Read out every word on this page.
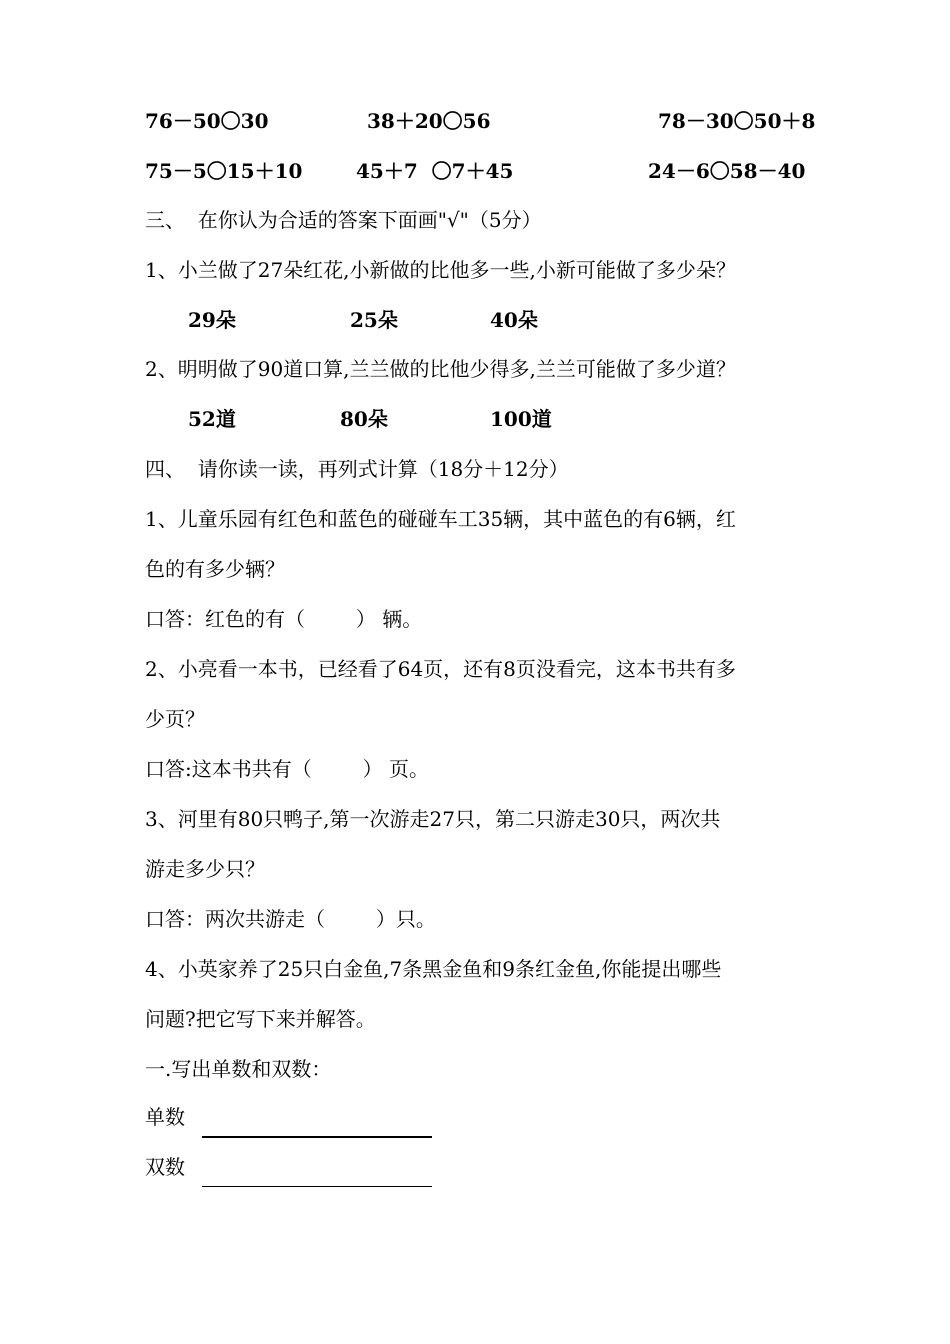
76－50〇30	38＋20〇56	78－30〇50＋8
75－5〇15＋10	45＋7  〇7＋45	24－6〇58－40
三、  在你认为合适的答案下面画"√"（5分）
1、小兰做了27朵红花,小新做的比他多一些,小新可能做了多少朵？
29朵	25朵	40朵
2、明明做了90道口算,兰兰做的比他少得多,兰兰可能做了多少道？
52道	80朵	100道
四、  请你读一读，再列式计算（18分＋12分）
1、儿童乐园有红色和蓝色的碰碰车工35辆，其中蓝色的有6辆，红
色的有多少辆？
口答：红色的有（        ） 辆。
2、小亮看一本书，已经看了64页，还有8页没看完，这本书共有多
少页？
口答:这本书共有（        ） 页。
3、河里有80只鸭子,第一次游走27只，第二只游走30只，两次共
游走多少只？
口答：两次共游走（        ）只。
4、小英家养了25只白金鱼,7条黑金鱼和9条红金鱼,你能提出哪些
问题?把它写下来并解答。
一.写出单数和双数：
单数
双数
